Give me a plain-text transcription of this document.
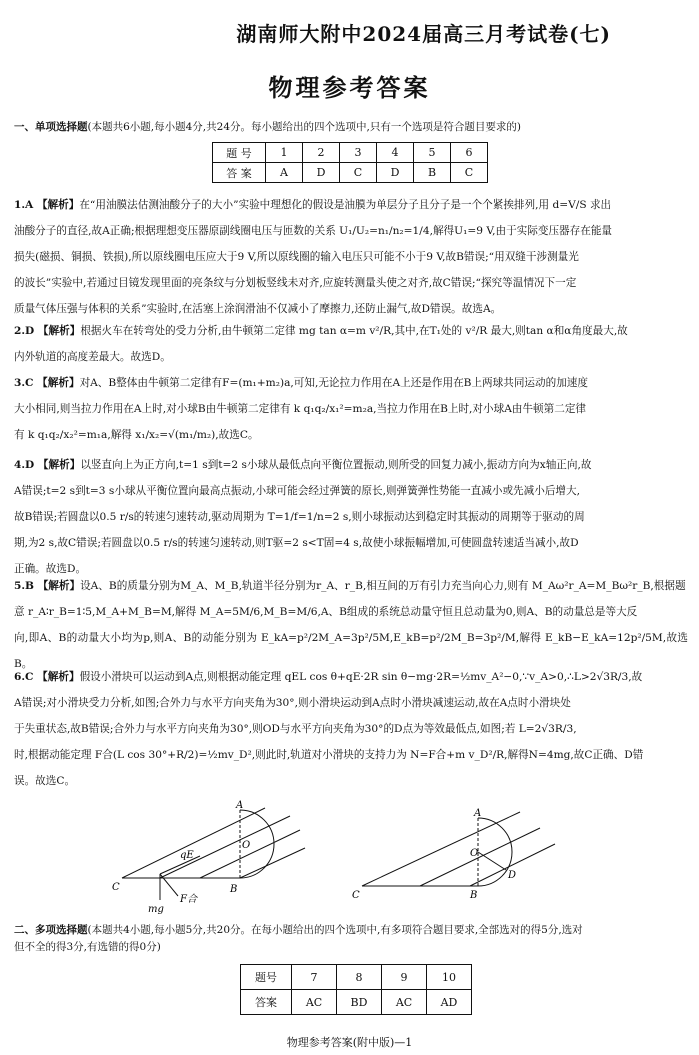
湖南师大附中2024届高三月考试卷(七)
物理参考答案
一、单项选择题(本题共6小题,每小题4分,共24分。每小题给出的四个选项中,只有一个选项是符合题目要求的)
题 号	1	2	3	4	5	6
答 案	A	D	C	D	B	C
1.A 【解析】在“用油膜法估测油酸分子的大小”实验中理想化的假设是油膜为单层分子且分子是一个个紧挨排列,用 d=V/S 求出
油酸分子的直径,故A正确;根据理想变压器原副线圈电压与匝数的关系 U₁/U₂=n₁/n₂=1/4,解得U₁=9 V,由于实际变压器存在能量
损失(磁损、铜损、铁损),所以原线圈电压应大于9 V,所以原线圈的输入电压只可能不小于9 V,故B错误;“用双缝干涉测量光
的波长”实验中,若通过目镜发现里面的亮条纹与分划板竖线未对齐,应旋转测量头使之对齐,故C错误;“探究等温情况下一定
质量气体压强与体积的关系”实验时,在活塞上涂润滑油不仅减小了摩擦力,还防止漏气,故D错误。故选A。
2.D 【解析】根据火车在转弯处的受力分析,由牛顿第二定律 mg tan α=m v²/R,其中,在T₁处的 v²/R 最大,则tan α和α角度最大,故
内外轨道的高度差最大。故选D。
3.C 【解析】对A、B整体由牛顿第二定律有F=(m₁+m₂)a,可知,无论拉力作用在A上还是作用在B上两球共同运动的加速度
大小相同,则当拉力作用在A上时,对小球B由牛顿第二定律有 k q₁q₂/x₁²=m₂a,当拉力作用在B上时,对小球A由牛顿第二定律
有 k q₁q₂/x₂²=m₁a,解得 x₁/x₂=√(m₁/m₂),故选C。
4.D 【解析】以竖直向上为正方向,t=1 s到t=2 s小球从最低点向平衡位置振动,则所受的回复力减小,振动方向为x轴正向,故
A错误;t=2 s到t=3 s小球从平衡位置向最高点振动,小球可能会经过弹簧的原长,则弹簧弹性势能一直减小或先减小后增大,
故B错误;若圆盘以0.5 r/s的转速匀速转动,驱动周期为 T=1/f=1/n=2 s,则小球振动达到稳定时其振动的周期等于驱动的周
期,为2 s,故C错误;若圆盘以0.5 r/s的转速匀速转动,则T驱=2 s<T固=4 s,故使小球振幅增加,可使圆盘转速适当减小,故D
正确。故选D。
5.B 【解析】设A、B的质量分别为M_A、M_B,轨道半径分别为r_A、r_B,相互间的万有引力充当向心力,则有 M_Aω²r_A=M_Bω²r_B,根据题
意 r_A∶r_B=1∶5,M_A+M_B=M,解得 M_A=5M/6,M_B=M/6,A、B组成的系统总动量守恒且总动量为0,则A、B的动量总是等大反
向,即A、B的动量大小均为p,则A、B的动能分别为 E_kA=p²/2M_A=3p²/5M,E_kB=p²/2M_B=3p²/M,解得 E_kB−E_kA=12p²/5M,故选B。
6.C 【解析】假设小滑块可以运动到A点,则根据动能定理 qEL cos θ+qE·2R sin θ−mg·2R=½mv_A²−0,∵v_A>0,∴L>2√3R/3,故
A错误;对小滑块受力分析,如图;合外力与水平方向夹角为30°,则小滑块运动到A点时小滑块减速运动,故在A点时小滑块处
于失重状态,故B错误;合外力与水平方向夹角为30°,则OD与水平方向夹角为30°的D点为等效最低点,如图;若 L=2√3R/3,
时,根据动能定理 F合(L cos 30°+R/2)=½mv_D²,则此时,轨道对小滑块的支持力为 N=F合+m v_D²/R,解得N=4mg,故C正确、D错
误。故选C。
C
A
B
O
qE
mg
F合	C
A
B
O
D
二、多项选择题(本题共4小题,每小题5分,共20分。在每小题给出的四个选项中,有多项符合题目要求,全部选对的得5分,选对
但不全的得3分,有选错的得0分)
题号	7	8	9	10
答案	AC	BD	AC	AD
物理参考答案(附中版)—1
